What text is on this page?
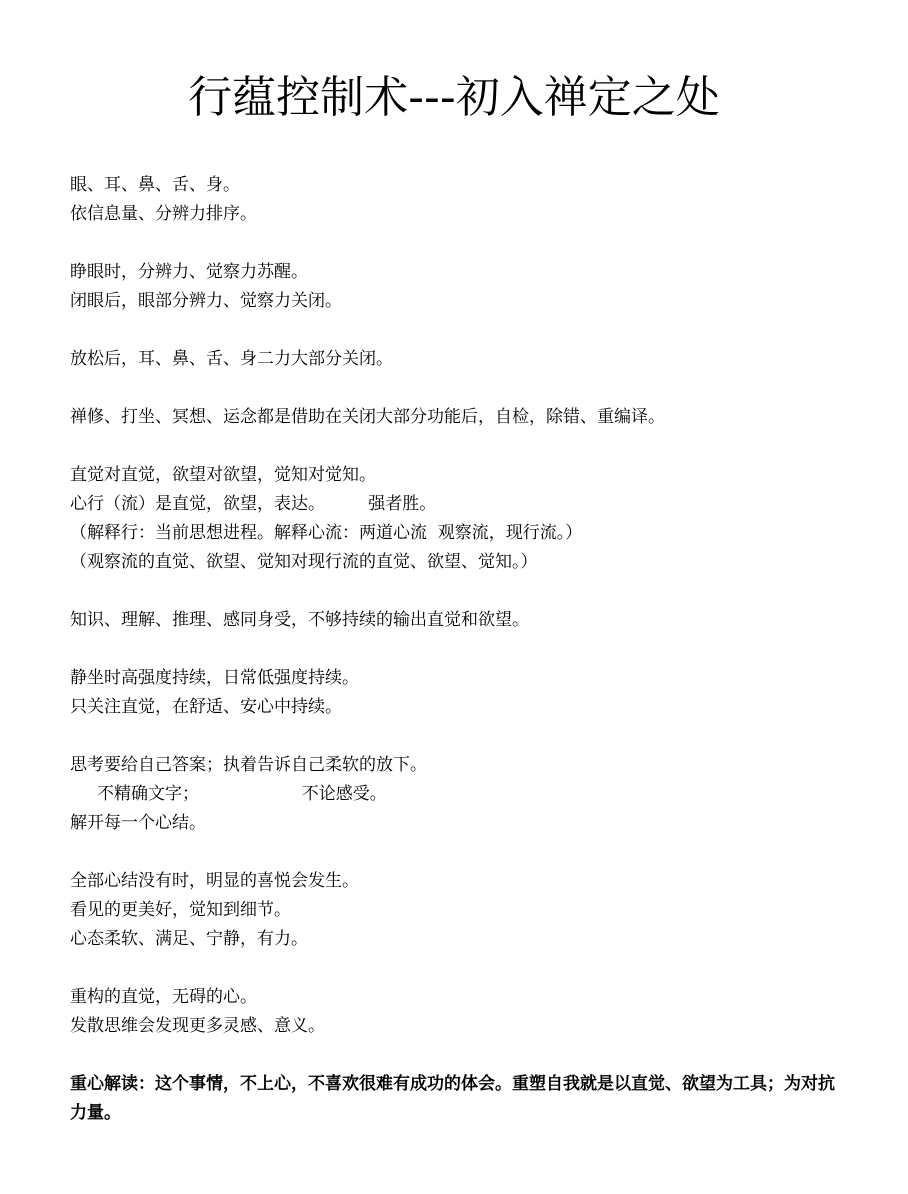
行蕴控制术---初入禅定之处
眼、耳、鼻、舌、身。
依信息量、分辨力排序。
睁眼时，分辨力、觉察力苏醒。
闭眼后，眼部分辨力、觉察力关闭。
放松后，耳、鼻、舌、身二力大部分关闭。
禅修、打坐、冥想、运念都是借助在关闭大部分功能后，自检，除错、重编译。
直觉对直觉，欲望对欲望，觉知对觉知。
心行（流）是直觉，欲望，表达。        强者胜。
（解释行：当前思想进程。解释心流：两道心流  观察流，现行流。）
（观察流的直觉、欲望、觉知对现行流的直觉、欲望、觉知。）
知识、理解、推理、感同身受，不够持续的输出直觉和欲望。
静坐时高强度持续，日常低强度持续。
只关注直觉，在舒适、安心中持续。
思考要给自己答案；执着告诉自己柔软的放下。
不精确文字；                   不论感受。
解开每一个心结。
全部心结没有时，明显的喜悦会发生。
看见的更美好，觉知到细节。
心态柔软、满足、宁静，有力。
重构的直觉，无碍的心。
发散思维会发现更多灵感、意义。
重心解读：这个事情，不上心，不喜欢很难有成功的体会。重塑自我就是以直觉、欲望为工具；为对抗力量。
